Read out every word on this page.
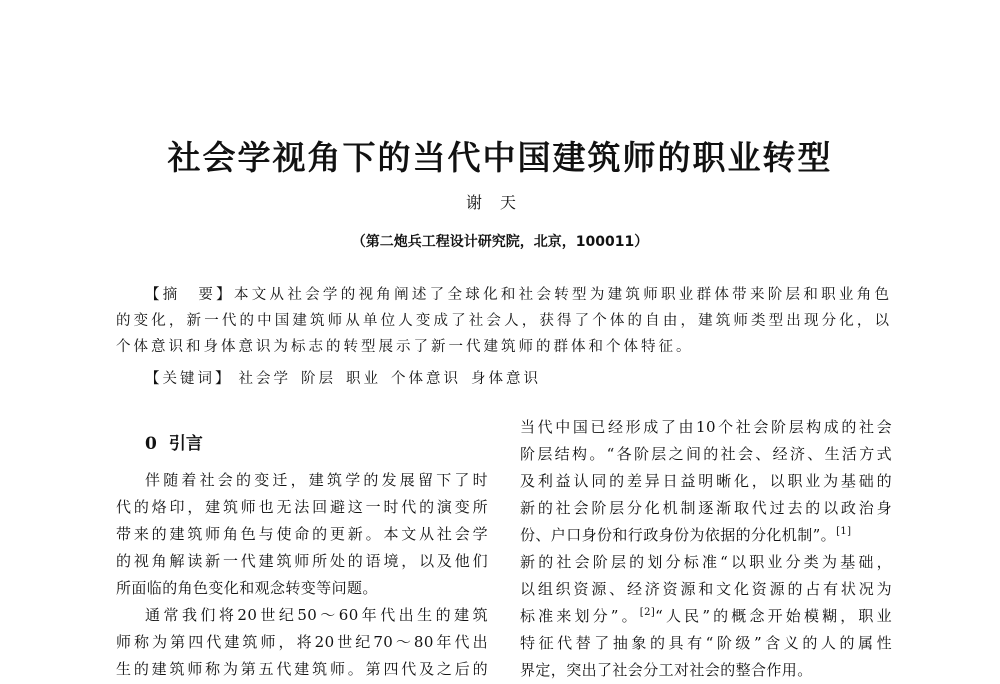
社会学视角下的当代中国建筑师的职业转型

谢天

（第二炮兵工程设计研究院，北京，100011）

【摘　要】本文从社会学的视角阐述了全球化和社会转型为建筑师职业群体带来阶层和职业角色的变化，新一代的中国建筑师从单位人变成了社会人，获得了个体的自由，建筑师类型出现分化，以个体意识和身体意识为标志的转型展示了新一代建筑师的群体和个体特征。

【关键词】 社会学 阶层 职业 个体意识 身体意识

0 引言

伴随着社会的变迁，建筑学的发展留下了时

代的烙印，建筑师也无法回避这一时代的演变所

带来的建筑师角色与使命的更新。本文从社会学

的视角解读新一代建筑师所处的语境，以及他们

所面临的角色变化和观念转变等问题。

通常我们将20世纪50～60年代出生的建筑

师称为第四代建筑师，将20世纪70～80年代出

生的建筑师称为第五代建筑师。第四代及之后的

当代中国已经形成了由10个社会阶层构成的社会

阶层结构。“各阶层之间的社会、经济、生活方式

及利益认同的差异日益明晰化，以职业为基础的

新的社会阶层分化机制逐渐取代过去的以政治身

份、户口身份和行政身份为依据的分化机制”。[1]

新的社会阶层的划分标准“以职业分类为基础，

以组织资源、经济资源和文化资源的占有状况为

标准来划分”。[2]“人民”的概念开始模糊，职业

特征代替了抽象的具有“阶级”含义的人的属性

界定，突出了社会分工对社会的整合作用。
